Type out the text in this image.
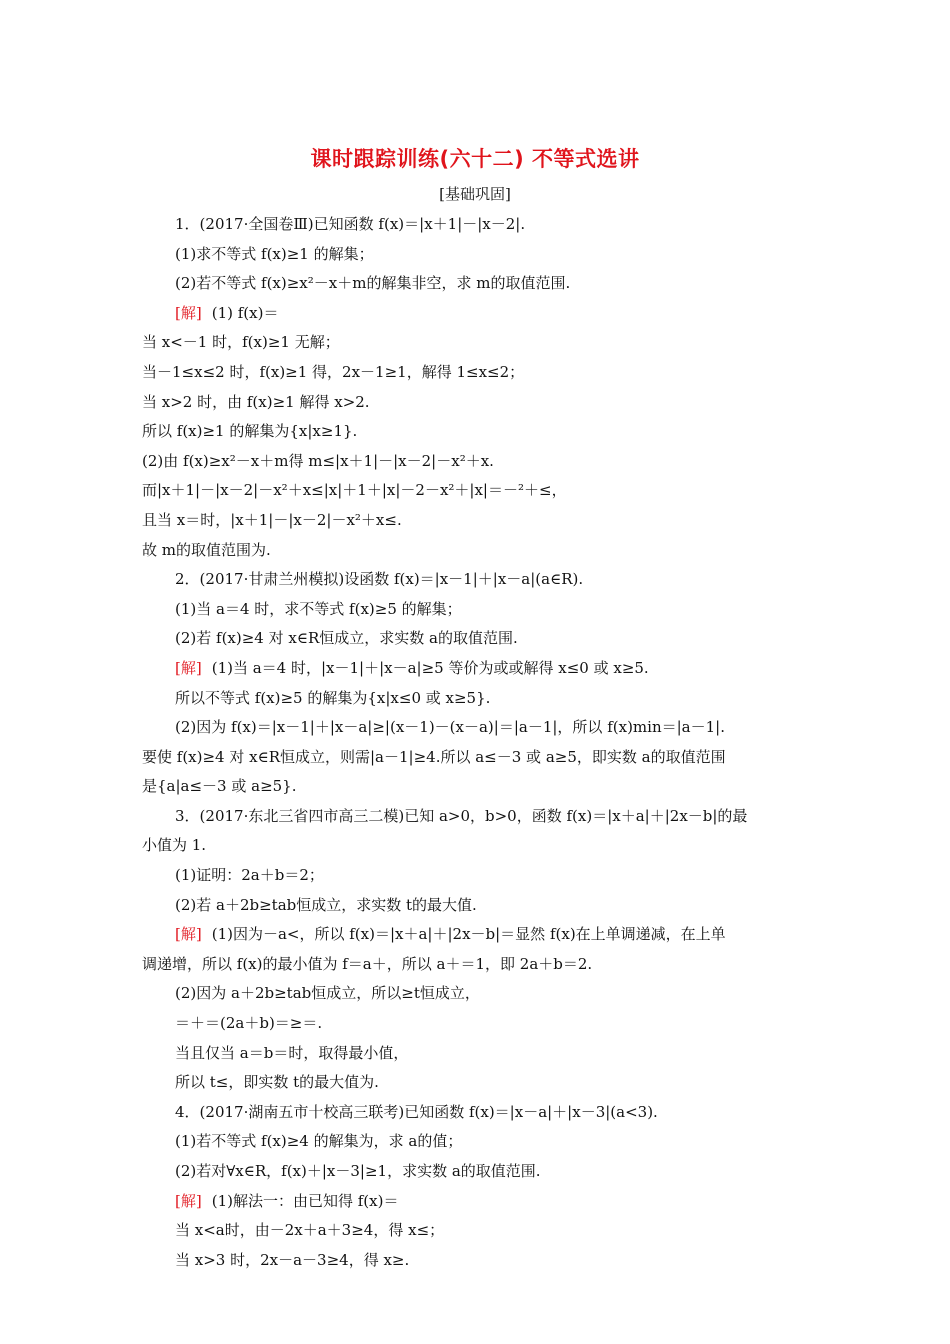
课时跟踪训练(六十二) 不等式选讲
[基础巩固]
1．(2017·全国卷Ⅲ)已知函数 f(x)＝|x＋1|－|x－2|.
(1)求不等式 f(x)≥1 的解集；
(2)若不等式 f(x)≥x²－x＋m的解集非空，求 m的取值范围.
[解] (1) f(x)＝
当 x<－1 时，f(x)≥1 无解；
当－1≤x≤2 时，f(x)≥1 得，2x－1≥1，解得 1≤x≤2；
当 x>2 时，由 f(x)≥1 解得 x>2.
所以 f(x)≥1 的解集为{x|x≥1}.
(2)由 f(x)≥x²－x＋m得 m≤|x＋1|－|x－2|－x²＋x.
而|x＋1|－|x－2|－x²＋x≤|x|＋1＋|x|－2－x²＋|x|＝－²＋≤，
且当 x＝时，|x＋1|－|x－2|－x²＋x≤.
故 m的取值范围为.
2．(2017·甘肃兰州模拟)设函数 f(x)＝|x－1|＋|x－a|(a∈R).
(1)当 a＝4 时，求不等式 f(x)≥5 的解集；
(2)若 f(x)≥4 对 x∈R恒成立，求实数 a的取值范围.
[解] (1)当 a＝4 时，|x－1|＋|x－a|≥5 等价为或或解得 x≤0 或 x≥5.
所以不等式 f(x)≥5 的解集为{x|x≤0 或 x≥5}.
(2)因为 f(x)＝|x－1|＋|x－a|≥|(x－1)－(x－a)|＝|a－1|，所以 f(x)min＝|a－1|.
要使 f(x)≥4 对 x∈R恒成立，则需|a－1|≥4.所以 a≤－3 或 a≥5，即实数 a的取值范围
是{a|a≤－3 或 a≥5}.
3．(2017·东北三省四市高三二模)已知 a>0，b>0，函数 f(x)＝|x＋a|＋|2x－b|的最
小值为 1.
(1)证明：2a＋b＝2；
(2)若 a＋2b≥tab恒成立，求实数 t的最大值.
[解] (1)因为－a<，所以 f(x)＝|x＋a|＋|2x－b|＝显然 f(x)在上单调递减，在上单
调递增，所以 f(x)的最小值为 f＝a＋，所以 a＋＝1，即 2a＋b＝2.
(2)因为 a＋2b≥tab恒成立，所以≥t恒成立，
＝＋＝(2a＋b)＝≥＝.
当且仅当 a＝b＝时，取得最小值，
所以 t≤，即实数 t的最大值为.
4．(2017·湖南五市十校高三联考)已知函数 f(x)＝|x－a|＋|x－3|(a<3).
(1)若不等式 f(x)≥4 的解集为，求 a的值；
(2)若对∀x∈R，f(x)＋|x－3|≥1，求实数 a的取值范围.
[解] (1)解法一：由已知得 f(x)＝
当 x<a时，由－2x＋a＋3≥4，得 x≤；
当 x>3 时，2x－a－3≥4，得 x≥.
